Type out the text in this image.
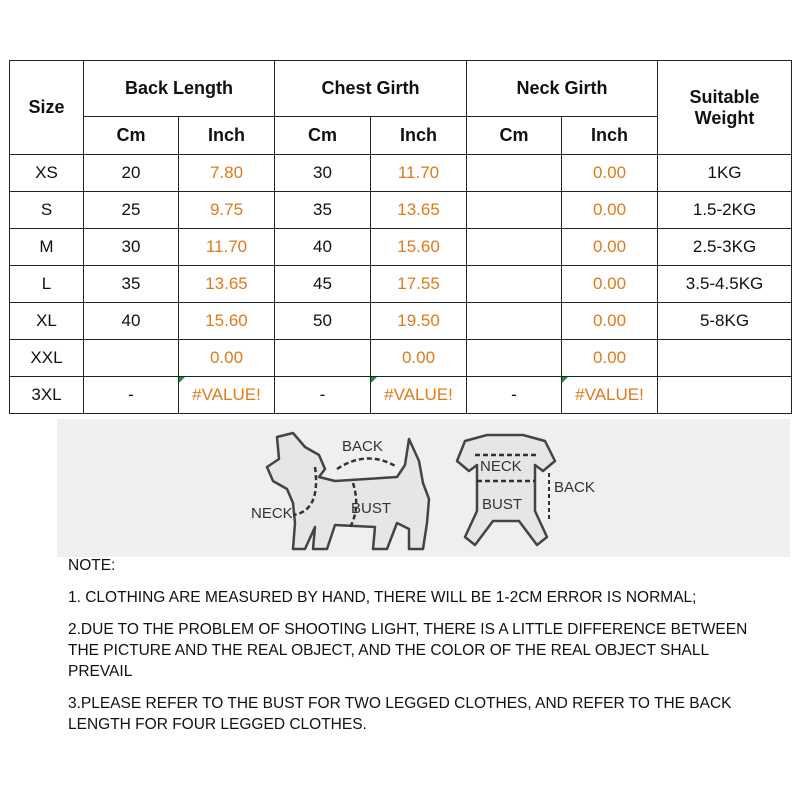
Size	Back Length		Chest Girth		Neck Girth		Suitable
Weight
	Cm	Inch	Cm	Inch	Cm	Inch	
XS	20	7.80	30	11.70		0.00	1KG
S	25	9.75	35	13.65		0.00	1.5-2KG
M	30	11.70	40	15.60		0.00	2.5-3KG
L	35	13.65	45	17.55		0.00	3.5-4.5KG
XL	40	15.60	50	19.50		0.00	5-8KG
XXL		0.00		0.00		0.00	
3XL	-	#VALUE!	-	#VALUE!	-	#VALUE!	
BACK
NECK	BUST
NECK
BACK
BUST

NOTE:

1. CLOTHING ARE MEASURED BY HAND, THERE WILL BE 1-2CM ERROR IS NORMAL;

2.DUE TO THE PROBLEM OF SHOOTING LIGHT, THERE IS A LITTLE DIFFERENCE BETWEEN THE PICTURE AND THE REAL OBJECT, AND THE COLOR OF THE REAL OBJECT SHALL PREVAIL

3.PLEASE REFER TO THE BUST FOR TWO LEGGED CLOTHES, AND REFER TO THE BACK LENGTH FOR FOUR LEGGED CLOTHES.
